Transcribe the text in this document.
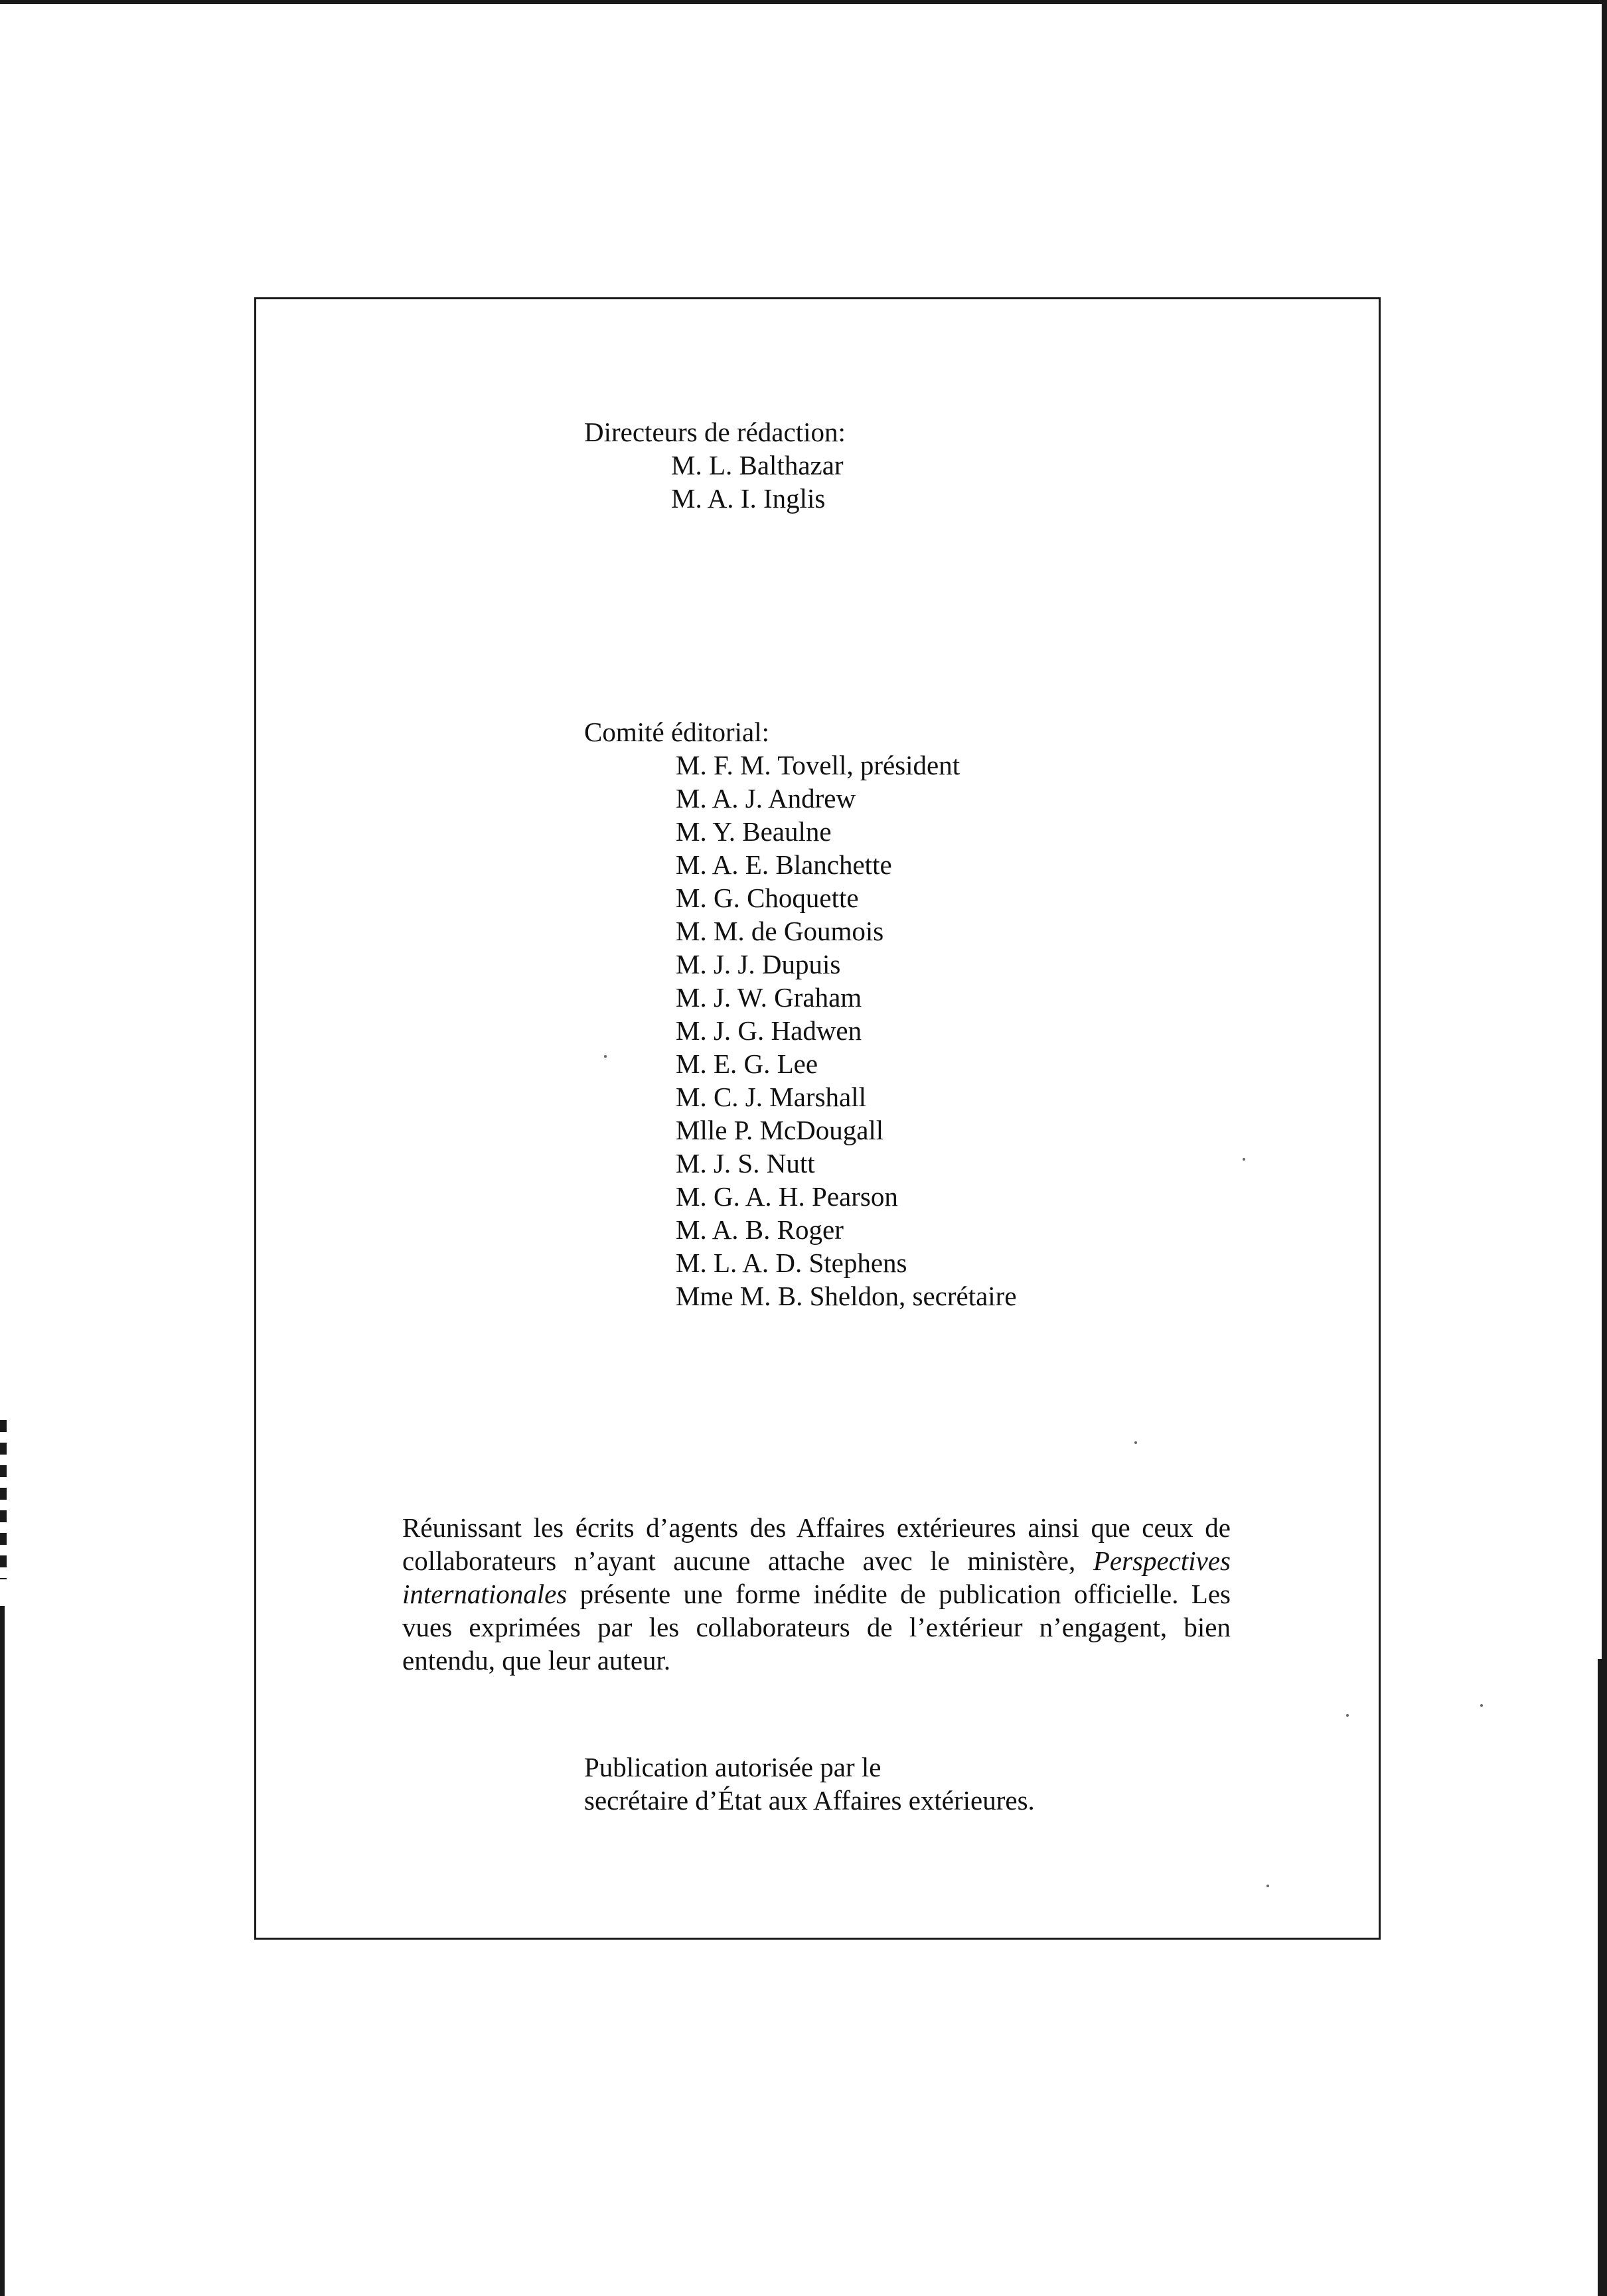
Directeurs de rédaction:
M. L. Balthazar
M. A. I. Inglis
Comité éditorial:
M. F. M. Tovell, président
M. A. J. Andrew
M. Y. Beaulne
M. A. E. Blanchette
M. G. Choquette
M. M. de Goumois
M. J. J. Dupuis
M. J. W. Graham
M. J. G. Hadwen
M. E. G. Lee
M. C. J. Marshall
Mlle P. McDougall
M. J. S. Nutt
M. G. A. H. Pearson
M. A. B. Roger
M. L. A. D. Stephens
Mme M. B. Sheldon, secrétaire

Réunissant les écrits d’agents des Affaires extérieures ainsi que ceux de collaborateurs n’ayant aucune attache avec le ministère, Perspectives internationales présente une forme inédite de publication officielle. Les vues exprimées par les collaborateurs de l’extérieur n’engagent, bien entendu, que leur auteur.

Publication autorisée par le
secrétaire d’État aux Affaires extérieures.
